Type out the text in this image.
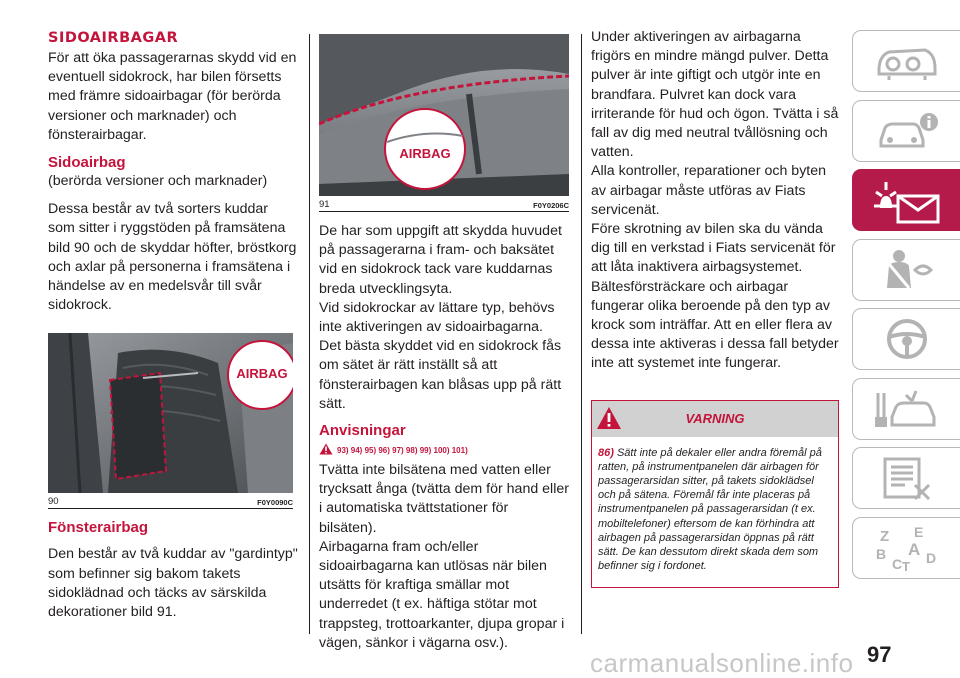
SIDOAIRBAGAR

För att öka passagerarnas skydd vid en eventuell sidokrock, har bilen försetts med främre sidoairbagar (för berörda versioner och marknader) och fönsterairbagar.

Sidoairbag

(berörda versioner och marknader)

Dessa består av två sorters kuddar som sitter i ryggstöden på framsätena bild 90 och de skyddar höfter, bröstkorg och axlar på personerna i framsätena i händelse av en medelsvår till svår sidokrock.

AIRBAG
90	F0Y0090C
Fönsterairbag

Den består av två kuddar av "gardintyp" som befinner sig bakom takets sidoklädnad och täcks av särskilda dekorationer bild 91.

AIRBAG
91	F0Y0206C

De har som uppgift att skydda huvudet på passagerarna i fram- och baksätet vid en sidokrock tack vare kuddarnas breda utvecklingsyta.

Vid sidokrockar av lättare typ, behövs inte aktiveringen av sidoairbagarna.

Det bästa skyddet vid en sidokrock fås om sätet är rätt inställt så att fönsterairbagen kan blåsas upp på rätt sätt.

Anvisningar
93) 94) 95) 96) 97) 98) 99) 100) 101)

Tvätta inte bilsätena med vatten eller trycksatt ånga (tvätta dem för hand eller i automatiska tvättstationer för bilsäten).

Airbagarna fram och/eller sidoairbagarna kan utlösas när bilen utsätts för kraftiga smällar mot underredet (t ex. häftiga stötar mot trappsteg, trottoarkanter, djupa gropar i vägen, sänkor i vägarna osv.).

Under aktiveringen av airbagarna frigörs en mindre mängd pulver. Detta pulver är inte giftigt och utgör inte en brandfara. Pulvret kan dock vara irriterande för hud och ögon. Tvätta i så fall av dig med neutral tvållösning och vatten.

Alla kontroller, reparationer och byten av airbagar måste utföras av Fiats servicenät.

Före skrotning av bilen ska du vända dig till en verkstad i Fiats servicenät för att låta inaktivera airbagsystemet.

Bältesförsträckare och airbagar fungerar olika beroende på den typ av krock som inträffar. Att en eller flera av dessa inte aktiveras i dessa fall betyder inte att systemet inte fungerar.

VARNING
86) Sätt inte på dekaler eller andra föremål på ratten, på instrumentpanelen där airbagen för passagerarsidan sitter, på takets sidoklädsel och på sätena. Föremål får inte placeras på instrumentpanelen på passagerarsidan (t ex. mobiltelefoner) eftersom de kan förhindra att airbagen på passagerarsidan öppnas på rätt sätt. De kan dessutom direkt skada dem som befinner sig i fordonet.
Z E
A
B
C T
D
carmanualsonline.info 97
